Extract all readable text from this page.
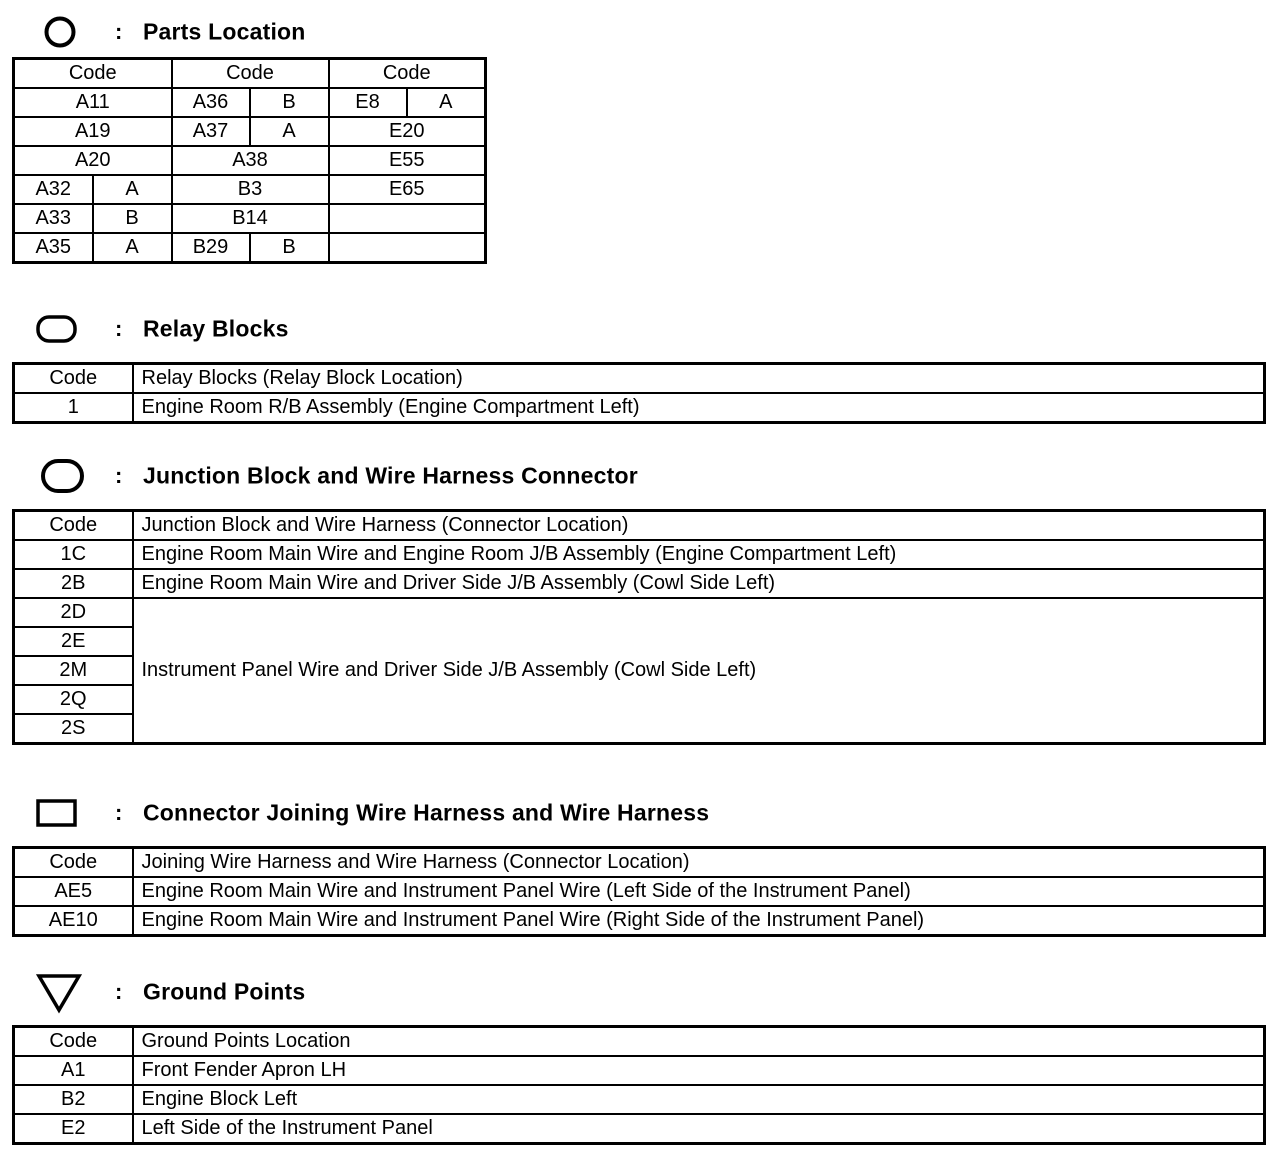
: Parts Location
Code		Code		Code	
A11		A36	B	E8	A
A19		A37	A	E20	
A20		A38		E55	
A32	A	B3		E65	
A33	B	B14			
A35	A	B29	B		
: Relay Blocks
Code	Relay Blocks (Relay Block Location)
1	Engine Room R/B Assembly (Engine Compartment Left)
: Junction Block and Wire Harness Connector
Code	Junction Block and Wire Harness (Connector Location)
1C	Engine Room Main Wire and Engine Room J/B Assembly (Engine Compartment Left)
2B	Engine Room Main Wire and Driver Side J/B Assembly (Cowl Side Left)
2D	Instrument Panel Wire and Driver Side J/B Assembly (Cowl Side Left)
2E	
2M	
2Q	
2S	
: Connector Joining Wire Harness and Wire Harness
Code	Joining Wire Harness and Wire Harness (Connector Location)
AE5	Engine Room Main Wire and Instrument Panel Wire (Left Side of the Instrument Panel)
AE10	Engine Room Main Wire and Instrument Panel Wire (Right Side of the Instrument Panel)
: Ground Points
Code	Ground Points Location
A1	Front Fender Apron LH
B2	Engine Block Left
E2	Left Side of the Instrument Panel
